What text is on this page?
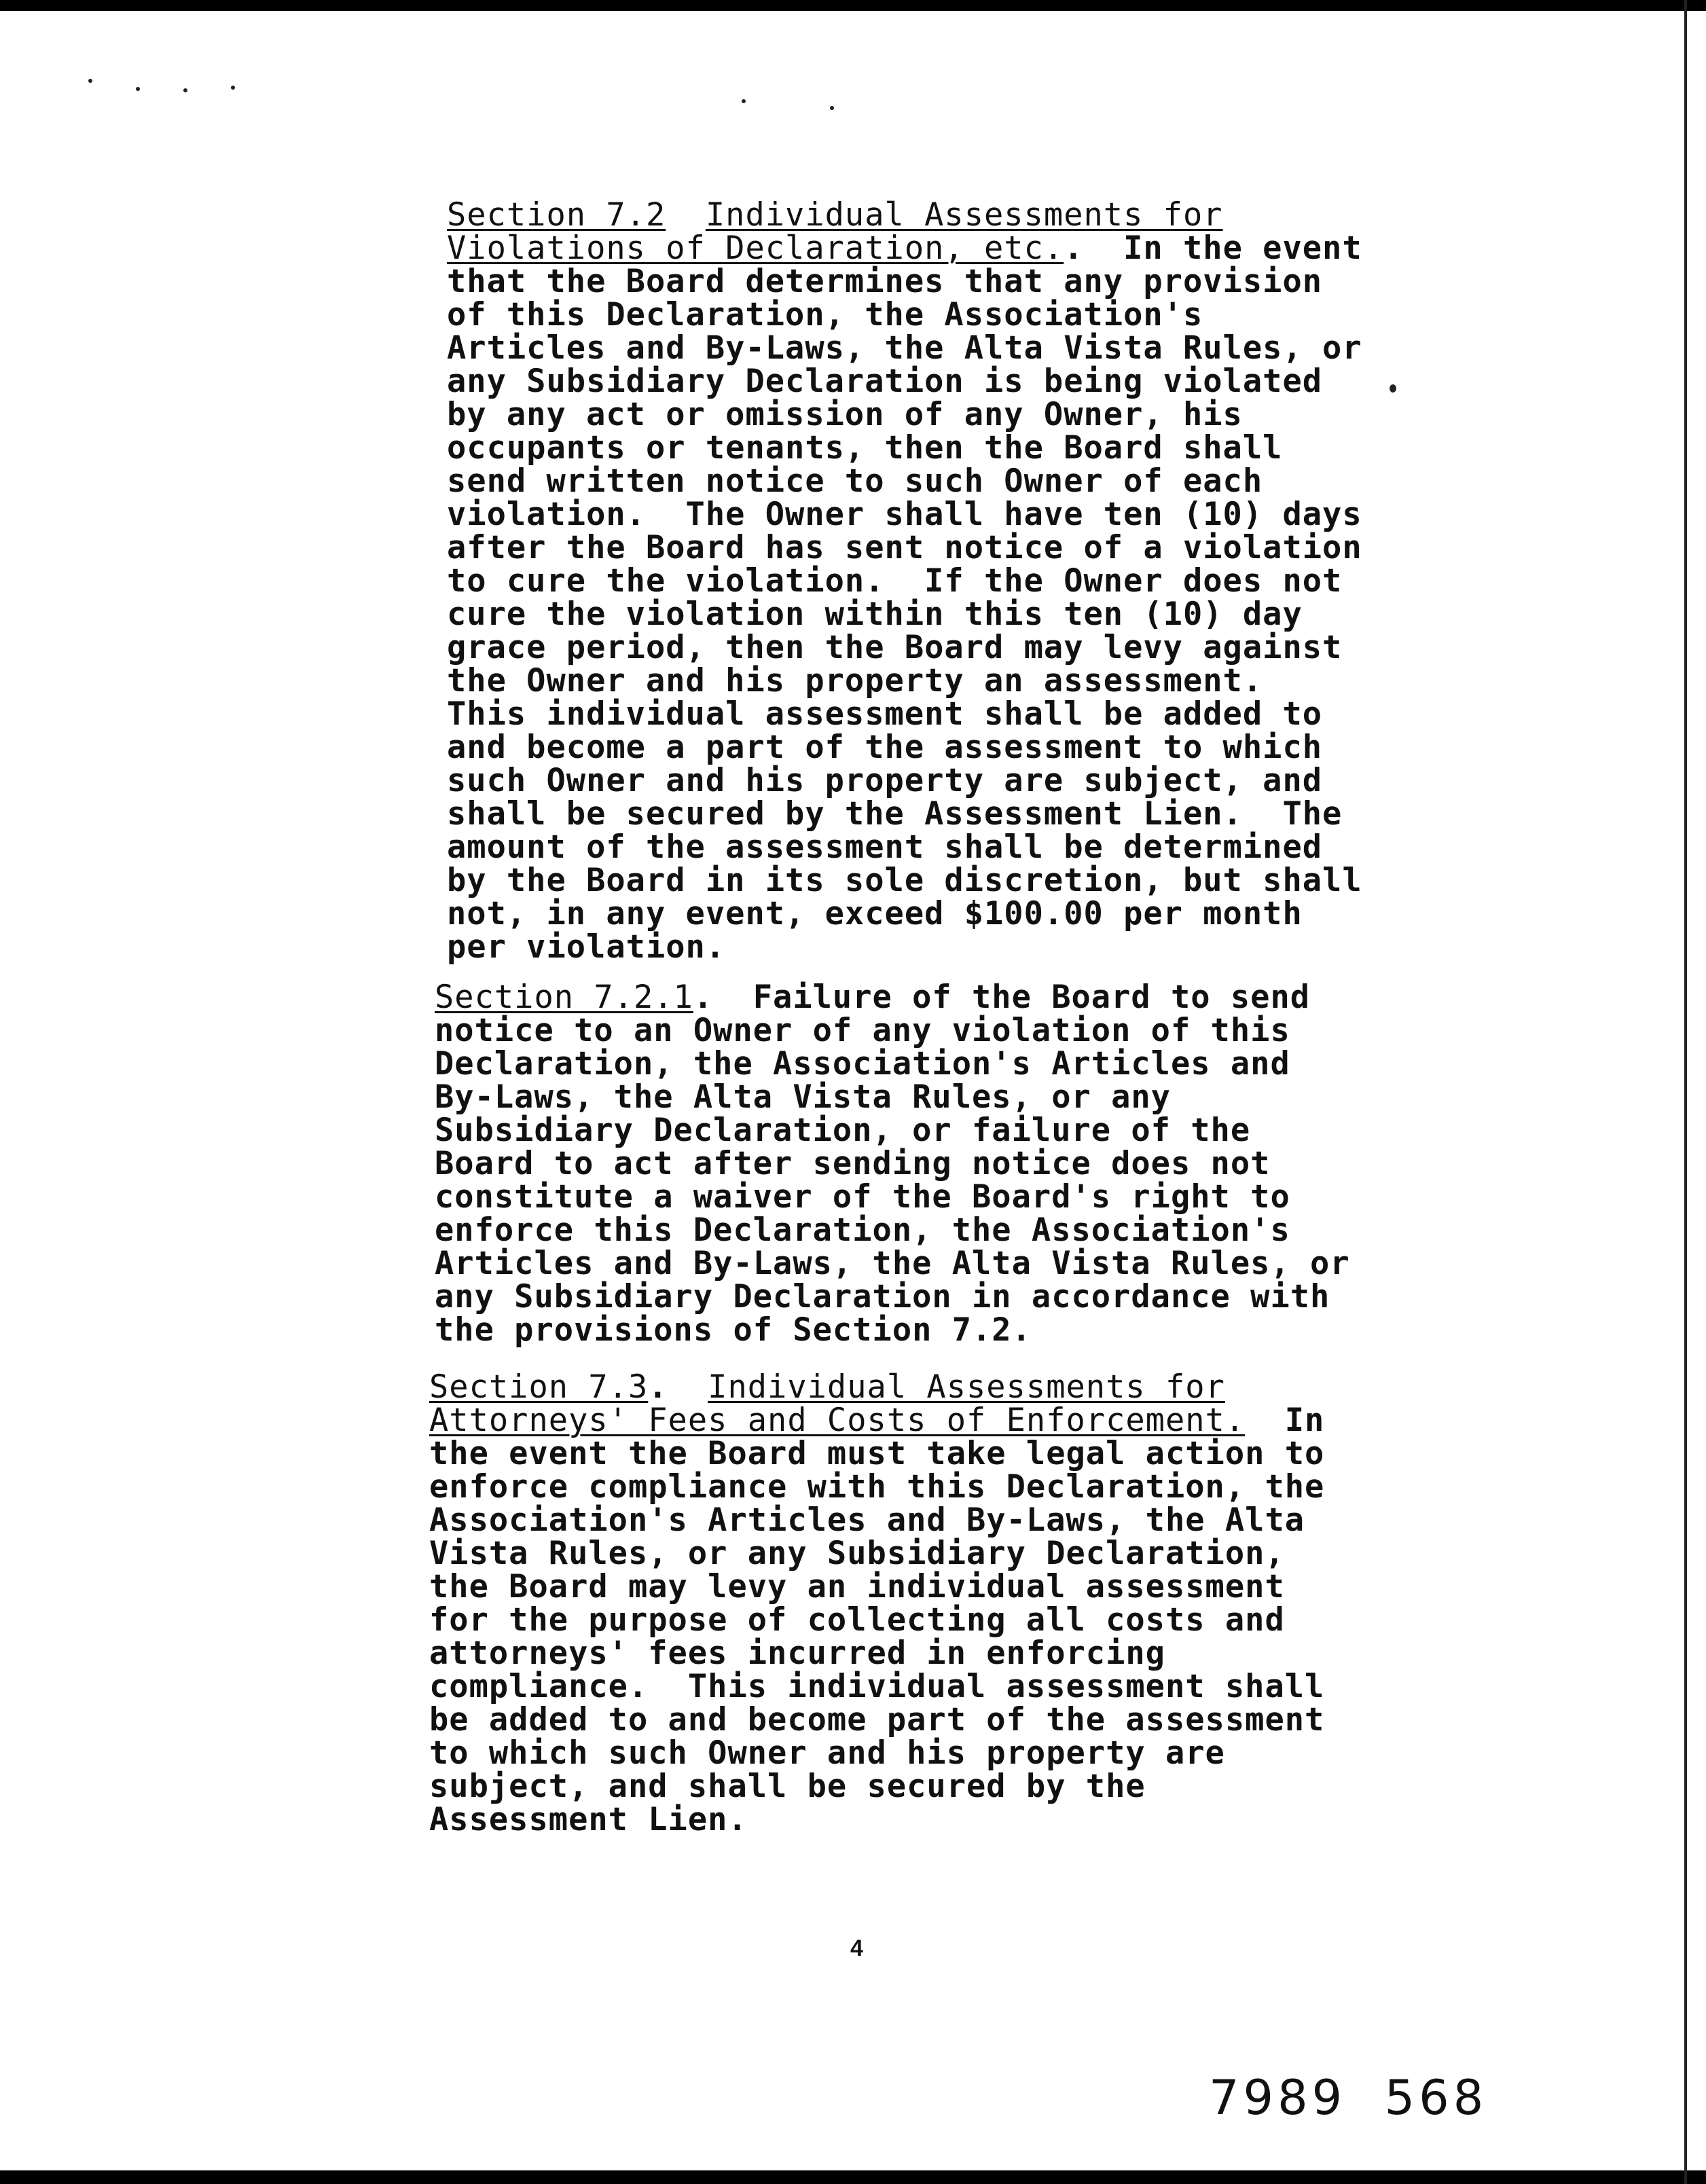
Section 7.2 Individual Assessments for
Violations of Declaration, etc..  In the event
that the Board determines that any provision
of this Declaration, the Association's
Articles and By-Laws, the Alta Vista Rules, or
any Subsidiary Declaration is being violated
by any act or omission of any Owner, his
occupants or tenants, then the Board shall
send written notice to such Owner of each
violation.  The Owner shall have ten (10) days
after the Board has sent notice of a violation
to cure the violation.  If the Owner does not
cure the violation within this ten (10) day
grace period, then the Board may levy against
the Owner and his property an assessment.
This individual assessment shall be added to
and become a part of the assessment to which
such Owner and his property are subject, and
shall be secured by the Assessment Lien.  The
amount of the assessment shall be determined
by the Board in its sole discretion, but shall
not, in any event, exceed $100.00 per month
per violation.
Section 7.2.1.  Failure of the Board to send
notice to an Owner of any violation of this
Declaration, the Association's Articles and
By-Laws, the Alta Vista Rules, or any
Subsidiary Declaration, or failure of the
Board to act after sending notice does not
constitute a waiver of the Board's right to
enforce this Declaration, the Association's
Articles and By-Laws, the Alta Vista Rules, or
any Subsidiary Declaration in accordance with
the provisions of Section 7.2.
Section 7.3.  Individual Assessments for
Attorneys' Fees and Costs of Enforcement. In
the event the Board must take legal action to
enforce compliance with this Declaration, the
Association's Articles and By-Laws, the Alta
Vista Rules, or any Subsidiary Declaration,
the Board may levy an individual assessment
for the purpose of collecting all costs and
attorneys' fees incurred in enforcing
compliance.  This individual assessment shall
be added to and become part of the assessment
to which such Owner and his property are
subject, and shall be secured by the
Assessment Lien.
4
7989  568
